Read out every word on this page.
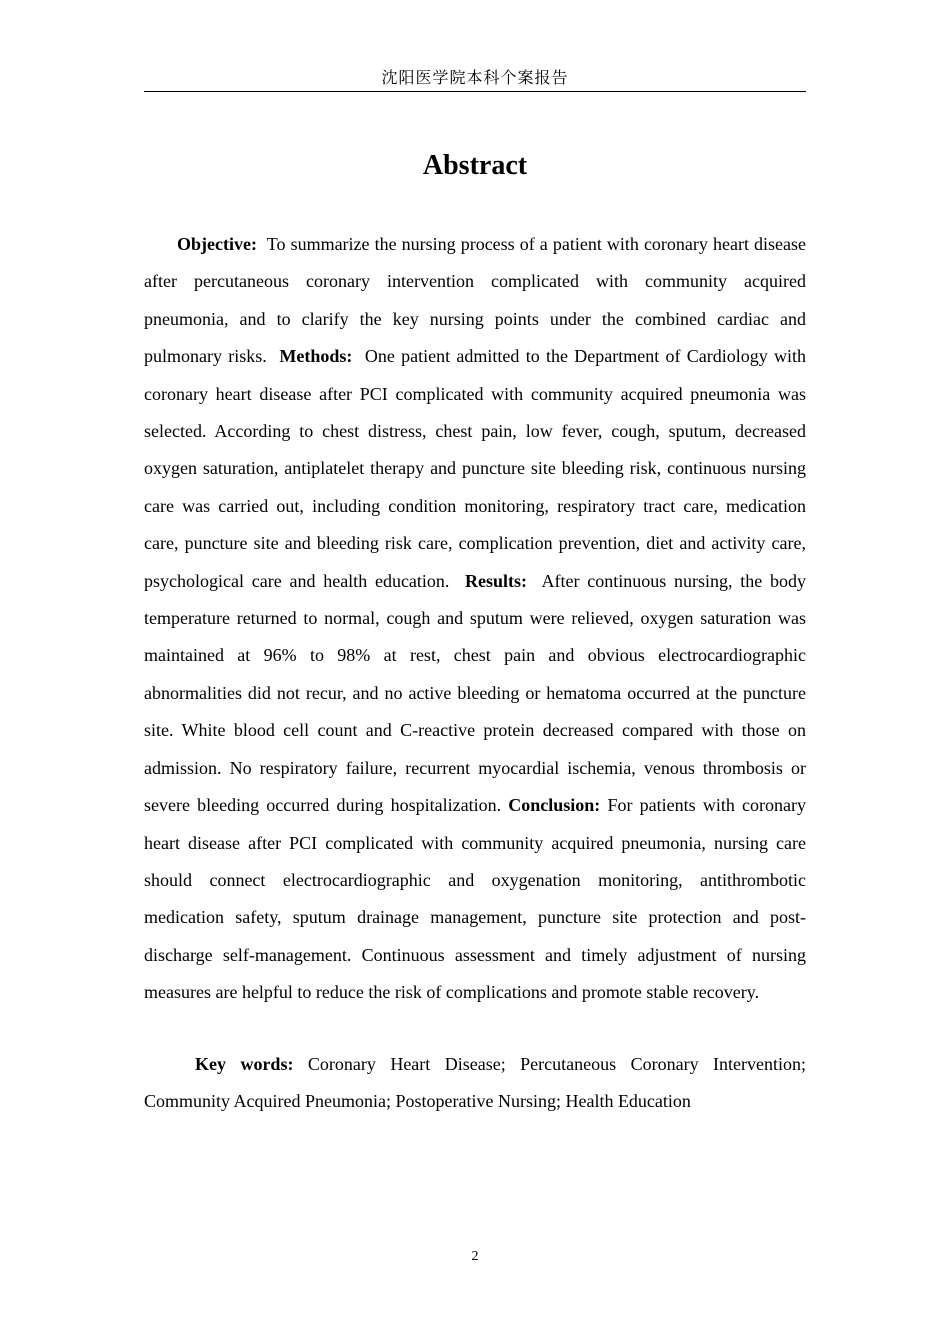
沈阳医学院本科个案报告
Abstract

Objective: To summarize the nursing process of a patient with coronary heart disease after percutaneous coronary intervention complicated with community acquired pneumonia, and to clarify the key nursing points under the combined cardiac and pulmonary risks. Methods: One patient admitted to the Department of Cardiology with coronary heart disease after PCI complicated with community acquired pneumonia was selected. According to chest distress, chest pain, low fever, cough, sputum, decreased oxygen saturation, antiplatelet therapy and puncture site bleeding risk, continuous nursing care was carried out, including condition monitoring, respiratory tract care, medication care, puncture site and bleeding risk care, complication prevention, diet and activity care, psychological care and health education. Results: After continuous nursing, the body temperature returned to normal, cough and sputum were relieved, oxygen saturation was maintained at 96% to 98% at rest, chest pain and obvious electrocardiographic abnormalities did not recur, and no active bleeding or hematoma occurred at the puncture site. White blood cell count and C-reactive protein decreased compared with those on admission. No respiratory failure, recurrent myocardial ischemia, venous thrombosis or severe bleeding occurred during hospitalization. Conclusion: For patients with coronary heart disease after PCI complicated with community acquired pneumonia, nursing care should connect electrocardiographic and oxygenation monitoring, antithrombotic medication safety, sputum drainage management, puncture site protection and post-discharge self-management. Continuous assessment and timely adjustment of nursing measures are helpful to reduce the risk of complications and promote stable recovery.

Key words: Coronary Heart Disease; Percutaneous Coronary Intervention; Community Acquired Pneumonia; Postoperative Nursing; Health Education

2
